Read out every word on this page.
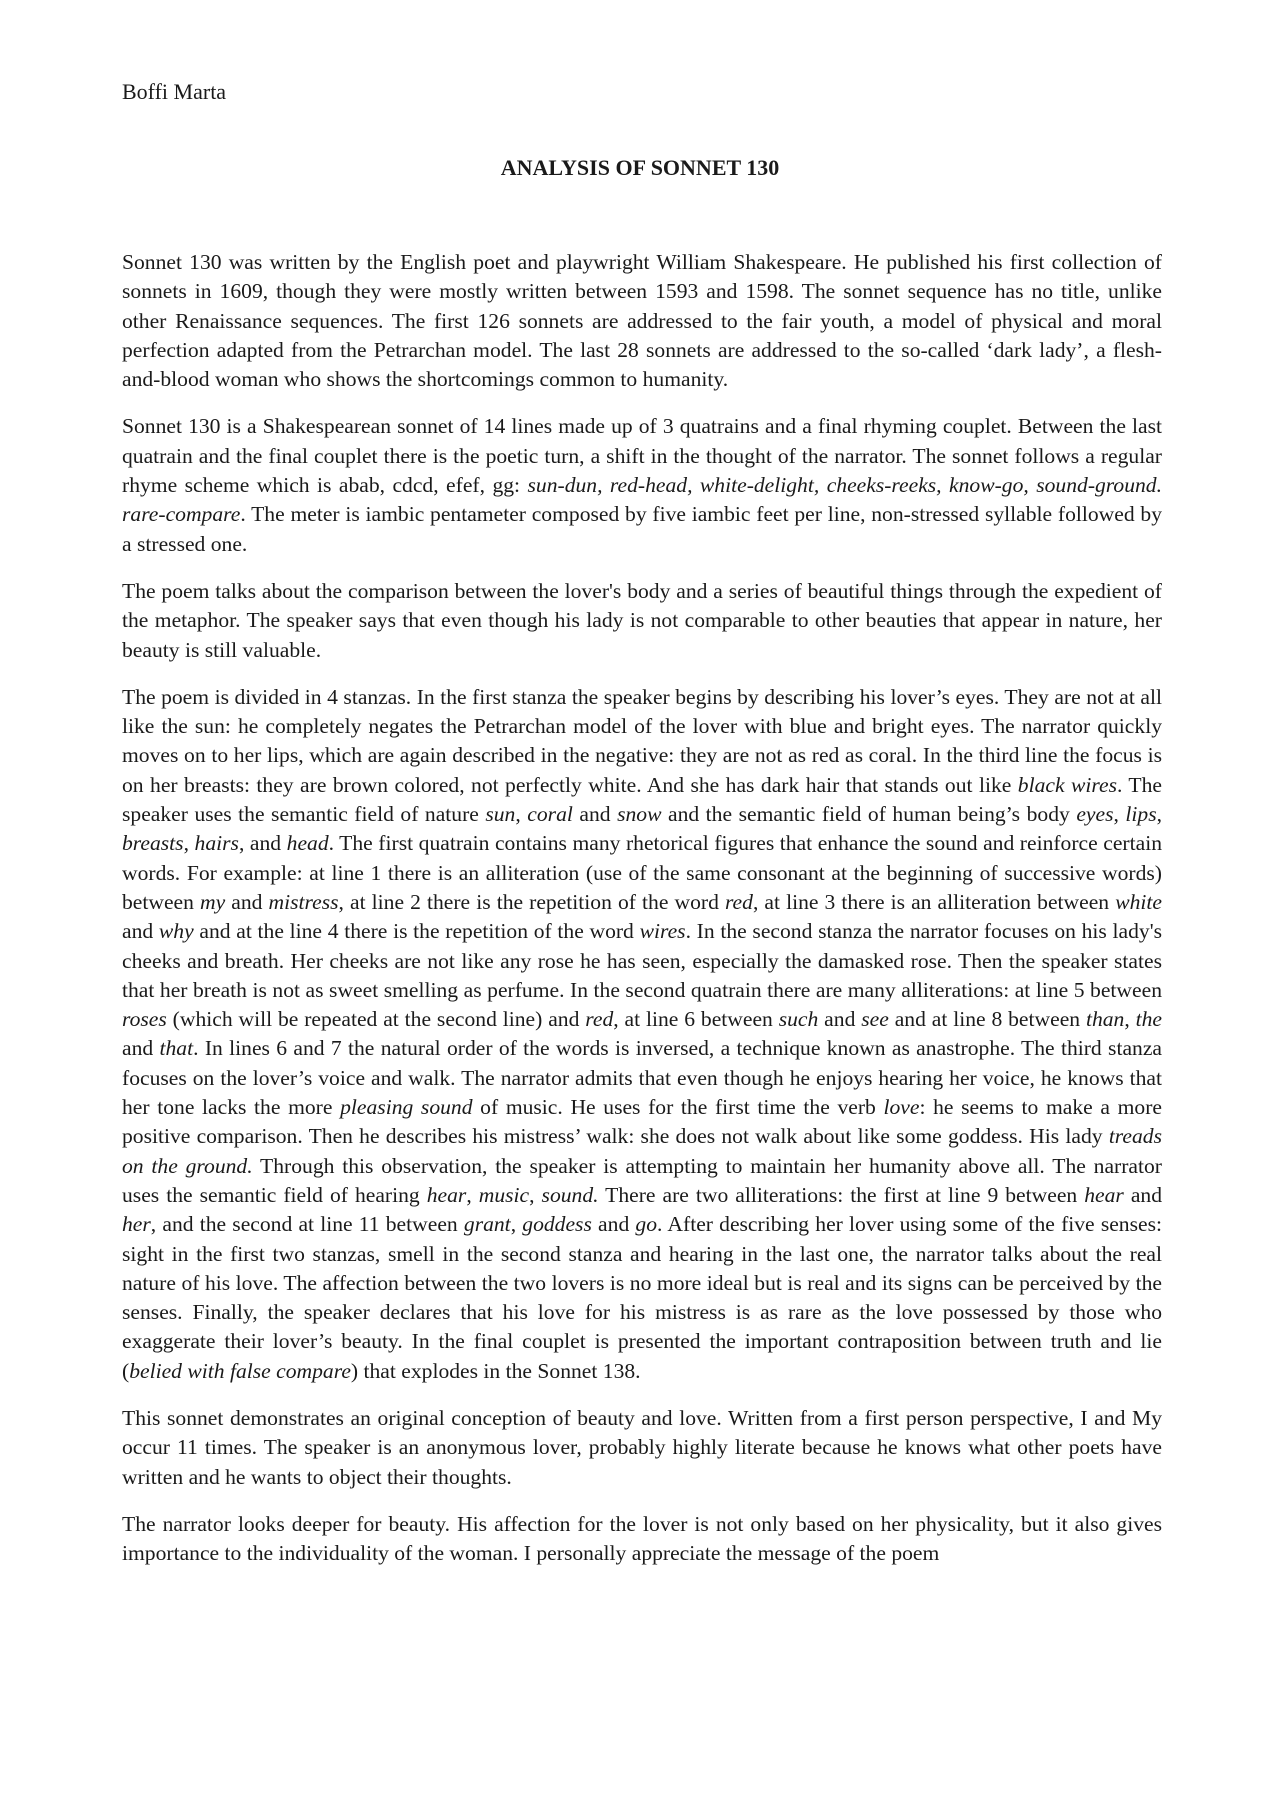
Boffi Marta

ANALYSIS OF SONNET 130

Sonnet 130 was written by the English poet and playwright William Shakespeare. He published his first collection of sonnets in 1609, though they were mostly written between 1593 and 1598. The sonnet sequence has no title, unlike other Renaissance sequences. The first 126 sonnets are addressed to the fair youth, a model of physical and moral perfection adapted from the Petrarchan model. The last 28 sonnets are addressed to the so-called ‘dark lady’, a flesh-and-blood woman who shows the shortcomings common to humanity.

Sonnet 130 is a Shakespearean sonnet of 14 lines made up of 3 quatrains and a final rhyming couplet. Between the last quatrain and the final couplet there is the poetic turn, a shift in the thought of the narrator. The sonnet follows a regular rhyme scheme which is abab, cdcd, efef, gg: sun-dun, red-head, white-delight, cheeks-reeks, know-go, sound-ground. rare-compare. The meter is iambic pentameter composed by five iambic feet per line, non-stressed syllable followed by a stressed one.

The poem talks about the comparison between the lover's body and a series of beautiful things through the expedient of the metaphor. The speaker says that even though his lady is not comparable to other beauties that appear in nature, her beauty is still valuable.

The poem is divided in 4 stanzas. In the first stanza the speaker begins by describing his lover’s eyes. They are not at all like the sun: he completely negates the Petrarchan model of the lover with blue and bright eyes. The narrator quickly moves on to her lips, which are again described in the negative: they are not as red as coral. In the third line the focus is on her breasts: they are brown colored, not perfectly white. And she has dark hair that stands out like black wires. The speaker uses the semantic field of nature sun, coral and snow and the semantic field of human being’s body eyes, lips, breasts, hairs, and head. The first quatrain contains many rhetorical figures that enhance the sound and reinforce certain words. For example: at line 1 there is an alliteration (use of the same consonant at the beginning of successive words) between my and mistress, at line 2 there is the repetition of the word red, at line 3 there is an alliteration between white and why and at the line 4 there is the repetition of the word wires. In the second stanza the narrator focuses on his lady's cheeks and breath. Her cheeks are not like any rose he has seen, especially the damasked rose. Then the speaker states that her breath is not as sweet smelling as perfume. In the second quatrain there are many alliterations: at line 5 between roses (which will be repeated at the second line) and red, at line 6 between such and see and at line 8 between than, the and that. In lines 6 and 7 the natural order of the words is inversed, a technique known as anastrophe. The third stanza focuses on the lover’s voice and walk. The narrator admits that even though he enjoys hearing her voice, he knows that her tone lacks the more pleasing sound of music. He uses for the first time the verb love: he seems to make a more positive comparison. Then he describes his mistress’ walk: she does not walk about like some goddess. His lady treads on the ground. Through this observation, the speaker is attempting to maintain her humanity above all. The narrator uses the semantic field of hearing hear, music, sound. There are two alliterations: the first at line 9 between hear and her, and the second at line 11 between grant, goddess and go. After describing her lover using some of the five senses: sight in the first two stanzas, smell in the second stanza and hearing in the last one, the narrator talks about the real nature of his love. The affection between the two lovers is no more ideal but is real and its signs can be perceived by the senses. Finally, the speaker declares that his love for his mistress is as rare as the love possessed by those who exaggerate their lover’s beauty. In the final couplet is presented the important contraposition between truth and lie (belied with false compare) that explodes in the Sonnet 138.

This sonnet demonstrates an original conception of beauty and love. Written from a first person perspective, I and My occur 11 times. The speaker is an anonymous lover, probably highly literate because he knows what other poets have written and he wants to object their thoughts.

The narrator looks deeper for beauty. His affection for the lover is not only based on her physicality, but it also gives importance to the individuality of the woman. I personally appreciate the message of the poem
